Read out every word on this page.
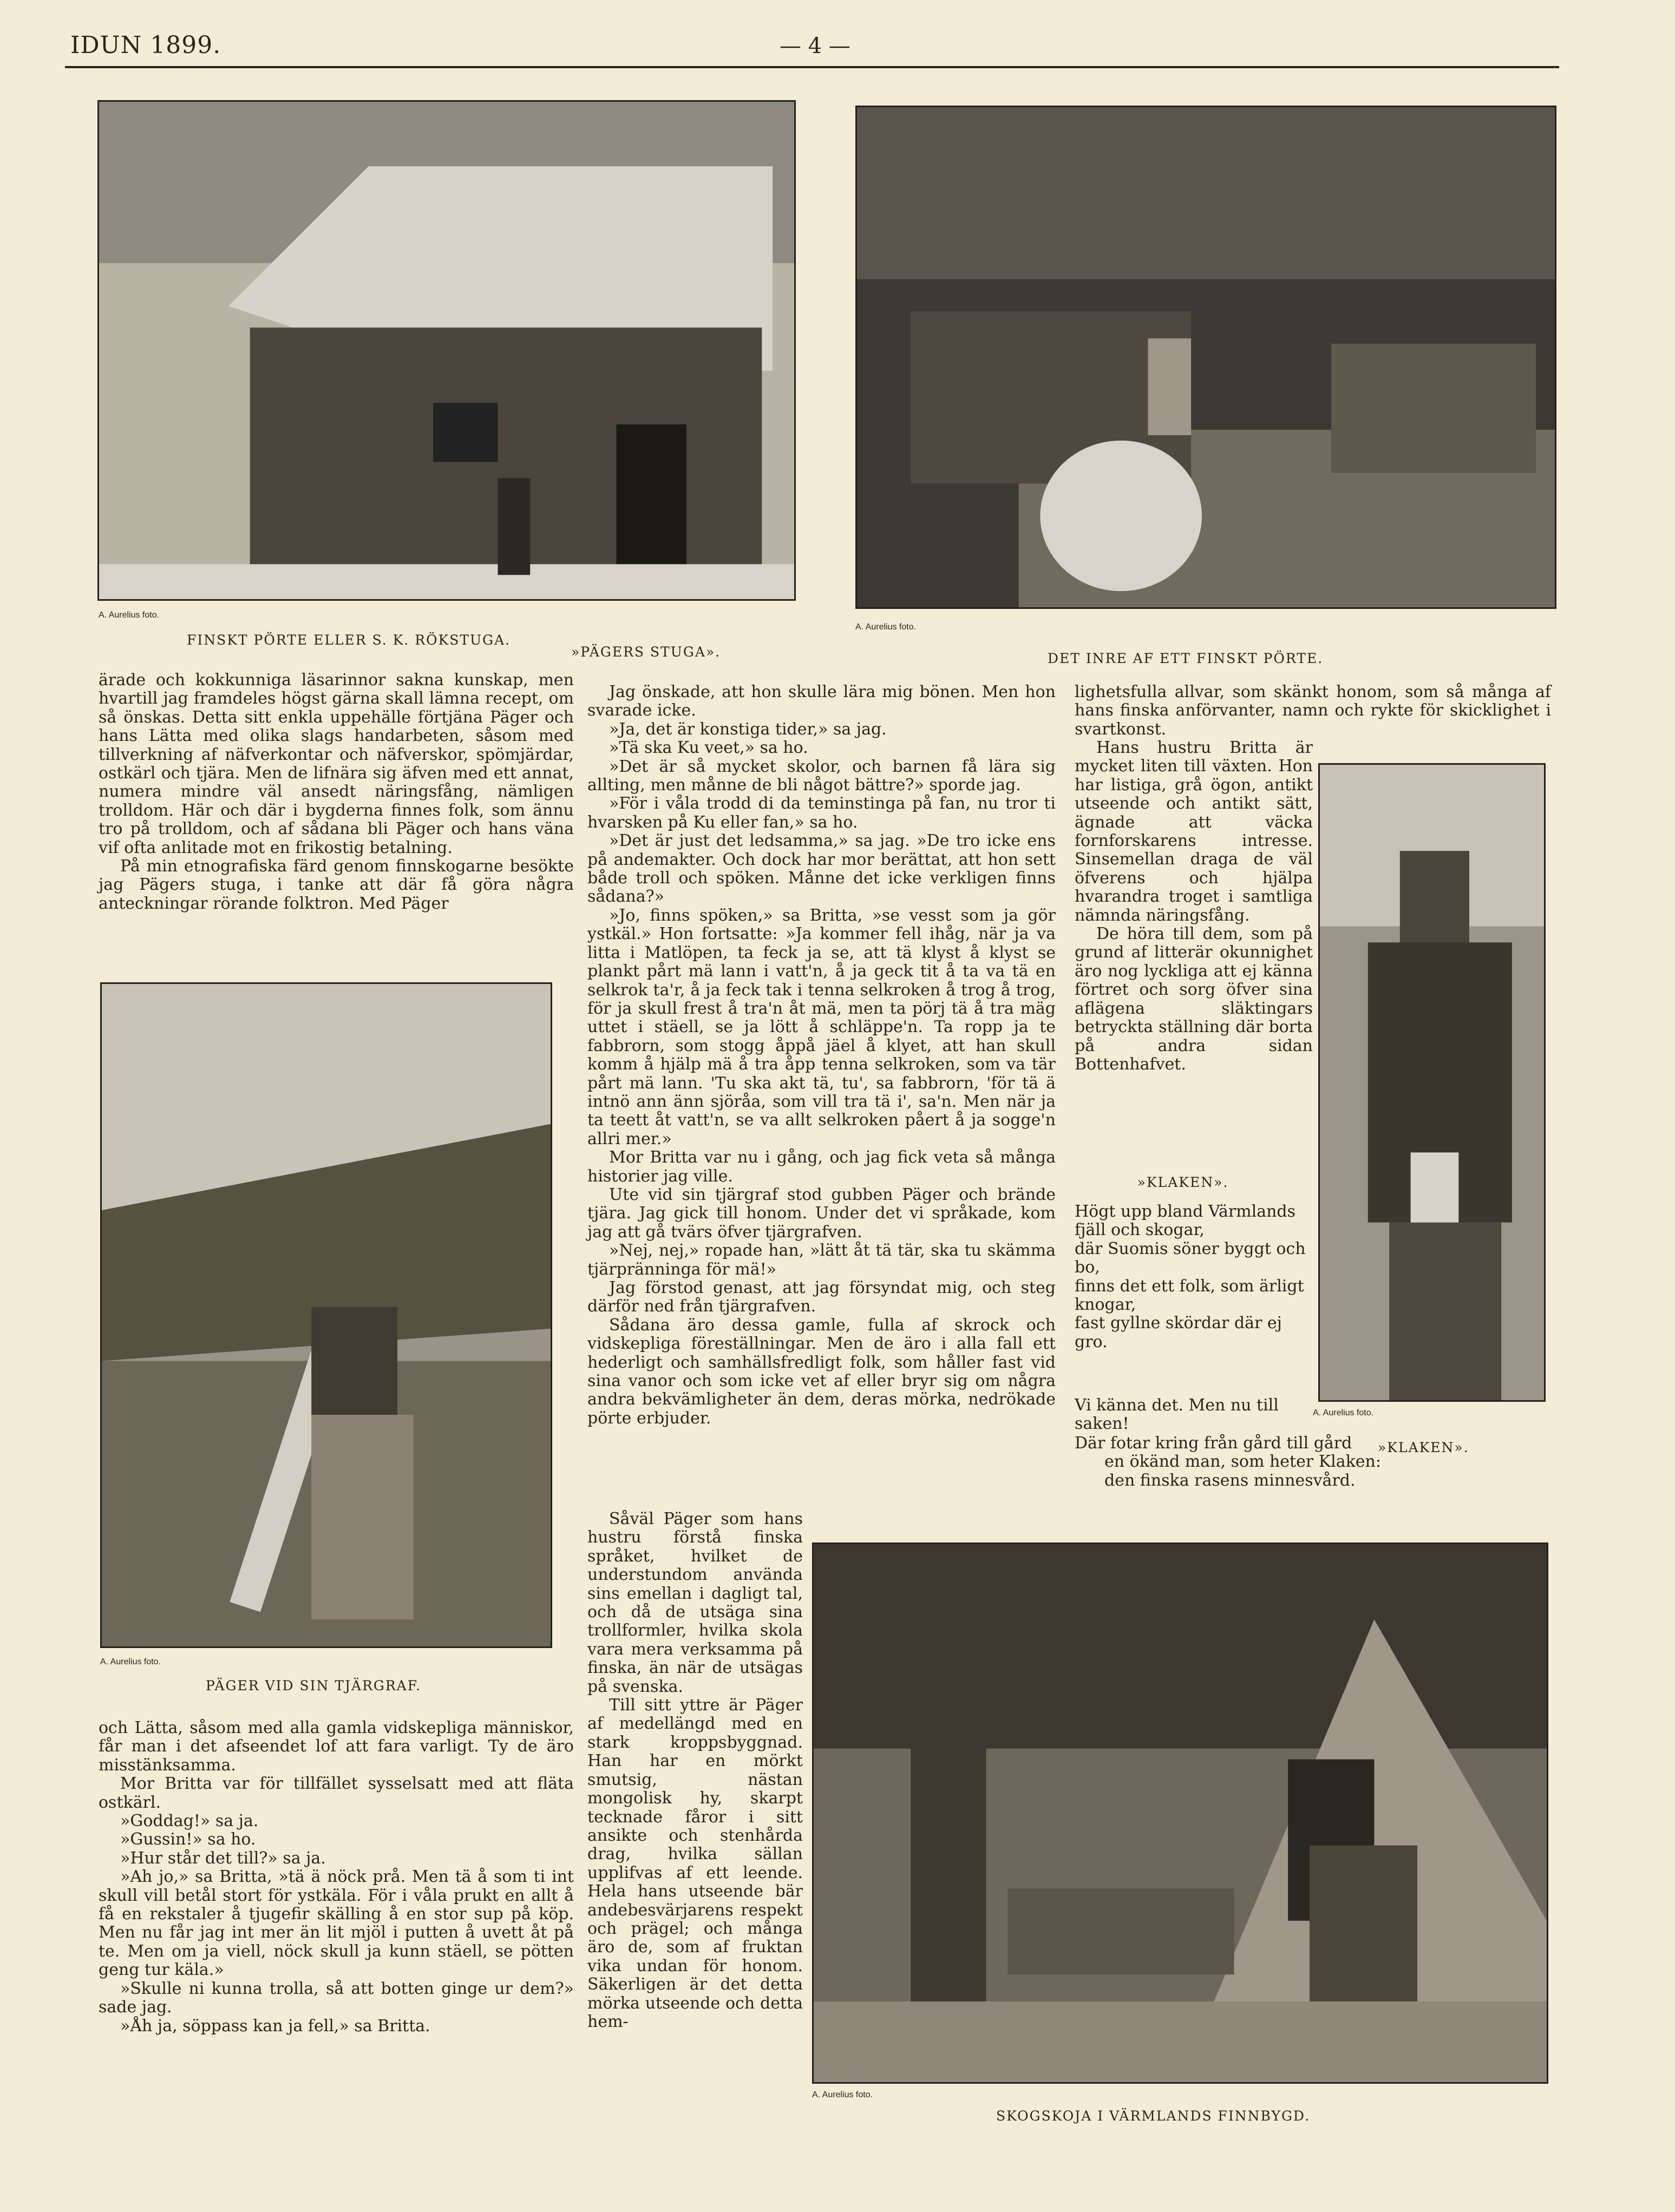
IDUN 1899.	— 4 —
A. Aurelius foto.
FINSKT PÖRTE ELLER S. K. RÖKSTUGA.
A. Aurelius foto.
»PÄGERS STUGA».	DET INRE AF ETT FINSKT PÖRTE.

ärade och kokkunniga läsarinnor sakna kunskap, men hvartill jag framdeles högst gärna skall lämna recept, om så önskas. Detta sitt enkla uppehälle förtjäna Päger och hans Lätta med olika slags handarbeten, såsom med tillverkning af näfverkontar och näfverskor, spömjärdar, ostkärl och tjära. Men de lifnära sig äfven med ett annat, numera mindre väl ansedt näringsfång, nämligen trolldom. Här och där i bygderna finnes folk, som ännu tro på trolldom, och af sådana bli Päger och hans väna vif ofta anlitade mot en frikostig betalning.

På min etnografiska färd genom finnskogarne besökte jag Pägers stuga, i tanke att där få göra några anteckningar rörande folktron. Med Päger

A. Aurelius foto.
PÄGER VID SIN TJÄRGRAF.

och Lätta, såsom med alla gamla vidskepliga människor, får man i det afseendet lof att fara varligt. Ty de äro misstänksamma.

Mor Britta var för tillfället sysselsatt med att fläta ostkärl.

»Goddag!» sa ja.

»Gussin!» sa ho.

»Hur står det till?» sa ja.

»Ah jo,» sa Britta, »tä ä nöck prå. Men tä å som ti int skull vill betål stort för ystkäla. För i våla prukt en allt å få en rekstaler å tjugefir skälling å en stor sup på köp. Men nu får jag int mer än lit mjöl i putten å uvett åt på te. Men om ja viell, nöck skull ja kunn stäell, se pötten geng tur käla.»

»Skulle ni kunna trolla, så att botten ginge ur dem?» sade jag.

»Åh ja, söppass kan ja fell,» sa Britta.

Jag önskade, att hon skulle lära mig bönen. Men hon svarade icke.

»Ja, det är konstiga tider,» sa jag.

»Tä ska Ku veet,» sa ho.

»Det är så mycket skolor, och barnen få lära sig allting, men månne de bli något bättre?» sporde jag.

»För i våla trodd di da teminstinga på fan, nu tror ti hvarsken på Ku eller fan,» sa ho.

»Det är just det ledsamma,» sa jag. »De tro icke ens på andemakter. Och dock har mor berättat, att hon sett både troll och spöken. Månne det icke verkligen finns sådana?»

»Jo, finns spöken,» sa Britta, »se vesst som ja gör ystkäl.» Hon fortsatte: »Ja kommer fell ihåg, när ja va litta i Matlöpen, ta feck ja se, att tä klyst å klyst se plankt pårt mä lann i vatt'n, å ja geck tit å ta va tä en selkrok ta'r, å ja feck tak i tenna selkroken å trog å trog, för ja skull frest å tra'n åt mä, men ta pörj tä å tra mäg uttet i stäell, se ja lött å schläppe'n. Ta ropp ja te fabbrorn, som stogg åppå jäel å klyet, att han skull komm å hjälp mä å tra åpp tenna selkroken, som va tär pårt mä lann. 'Tu ska akt tä, tu', sa fabbrorn, 'för tä ä intnö ann änn sjöråa, som vill tra tä i', sa'n. Men när ja ta teett åt vatt'n, se va allt selkroken påert å ja sogge'n allri mer.»

Mor Britta var nu i gång, och jag fick veta så många historier jag ville.

Ute vid sin tjärgraf stod gubben Päger och brände tjära. Jag gick till honom. Under det vi språkade, kom jag att gå tvärs öfver tjärgrafven.

»Nej, nej,» ropade han, »lätt åt tä tär, ska tu skämma tjärpränninga för mä!»

Jag förstod genast, att jag försyndat mig, och steg därför ned från tjärgrafven.

Sådana äro dessa gamle, fulla af skrock och vidskepliga föreställningar. Men de äro i alla fall ett hederligt och samhällsfredligt folk, som håller fast vid sina vanor och som icke vet af eller bryr sig om några andra bekvämligheter än dem, deras mörka, nedrökade pörte erbjuder.

Såväl Päger som hans hustru förstå finska språket, hvilket de understundom använda sins emellan i dagligt tal, och då de utsäga sina trollformler, hvilka skola vara mera verksamma på finska, än när de utsägas på svenska.

Till sitt yttre är Päger af medellängd med en stark kroppsbyggnad. Han har en mörkt smutsig, nästan mongolisk hy, skarpt tecknade fåror i sitt ansikte och stenhårda drag, hvilka sällan upplifvas af ett leende. Hela hans utseende bär andebesvärjarens respekt och prägel; och många äro de, som af fruktan vika undan för honom. Säkerligen är det detta mörka utseende och detta hem-

lighetsfulla allvar, som skänkt honom, som så många af hans finska anförvanter, namn och rykte för skicklighet i svartkonst.

Hans hustru Britta är mycket liten till växten. Hon har listiga, grå ögon, antikt utseende och antikt sätt, ägnade att väcka fornforskarens intresse. Sinsemellan draga de väl öfverens och hjälpa hvarandra troget i samtliga nämnda näringsfång.

De höra till dem, som på grund af litterär okunnighet äro nog lyckliga att ej känna förtret och sorg öfver sina aflägena släktingars betryckta ställning där borta på andra sidan Bottenhafvet.

A. Aurelius foto.
»KLAKEN».

Högt upp bland Värmlands fjäll och skogar,

där Suomis söner byggt och bo,

finns det ett folk, som ärligt knogar,

fast gyllne skördar där ej gro.

Vi känna det. Men nu till saken!

»KLAKEN».

Där fotar kring från gård till gård

en ökänd man, som heter Klaken:

den finska rasens minnesvård.

A. Aurelius foto.
SKOGSKOJA I VÄRMLANDS FINNBYGD.
